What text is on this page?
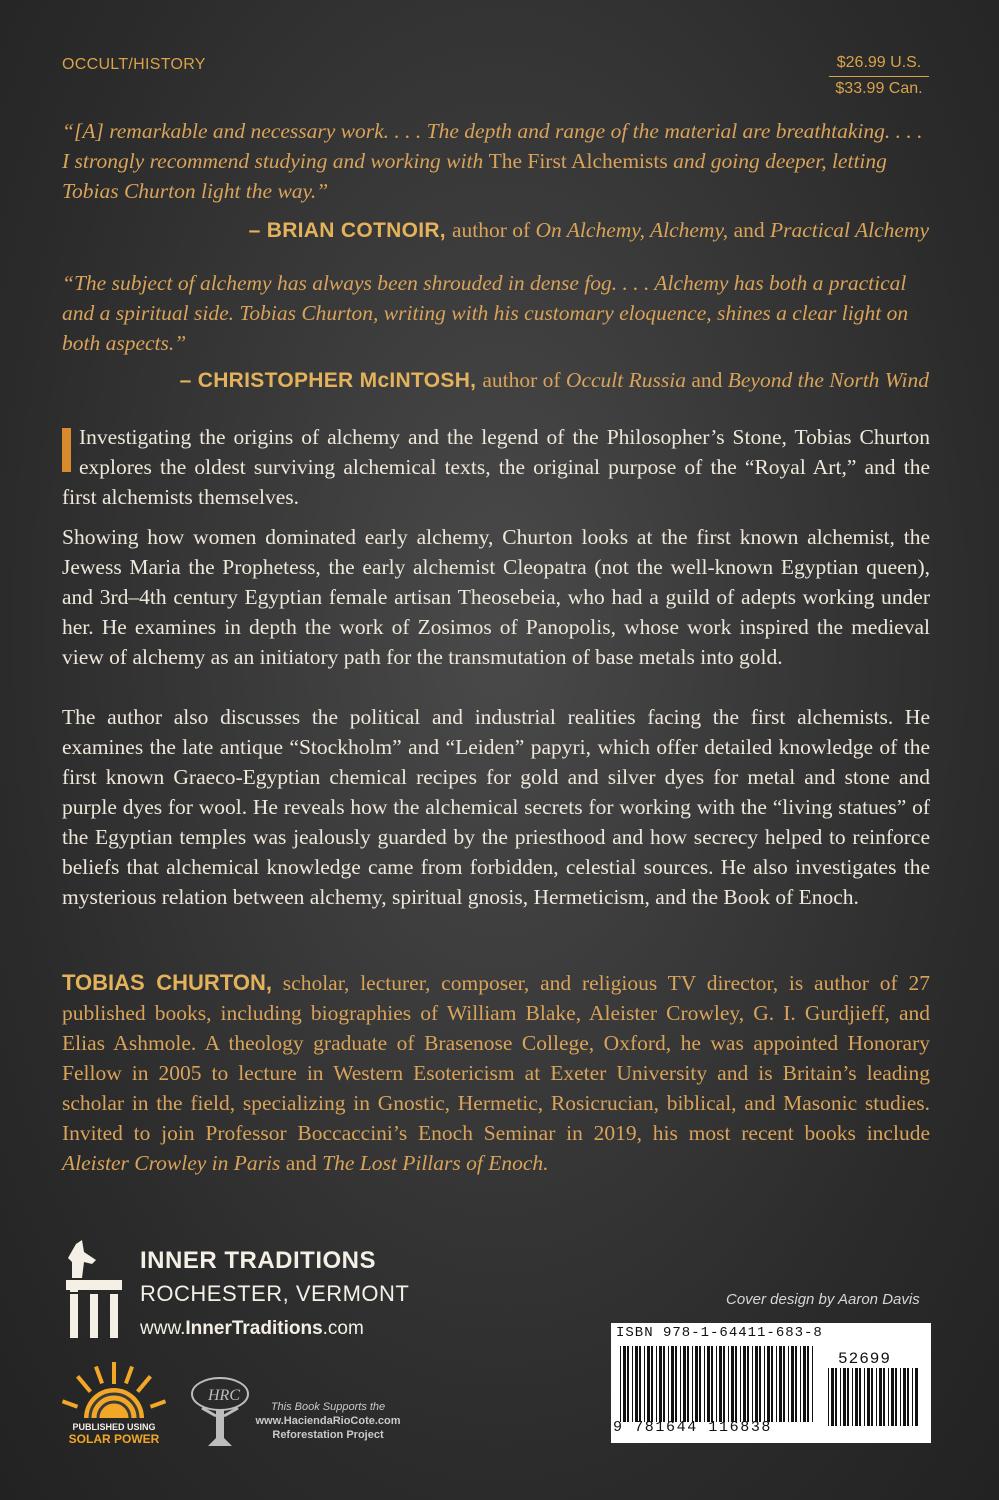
OCCULT/HISTORY	$26.99 U.S.
$33.99 Can.
“[A] remarkable and necessary work. . . . The depth and range of the material are breathtaking. . . . I strongly recommend studying and working with The First Alchemists and going deeper, letting Tobias Churton light the way.”
– BRIAN COTNOIR, author of On Alchemy, Alchemy, and Practical Alchemy
“The subject of alchemy has always been shrouded in dense fog. . . . Alchemy has both a practical and a spiritual side. Tobias Churton, writing with his customary eloquence, shines a clear light on both aspects.”
– CHRISTOPHER McINTOSH, author of Occult Russia and Beyond the North Wind
Investigating the origins of alchemy and the legend of the Philosopher’s Stone, Tobias Churton explores the oldest surviving alchemical texts, the original purpose of the “Royal Art,” and the first alchemists themselves.
Showing how women dominated early alchemy, Churton looks at the first known alchemist, the Jewess Maria the Prophetess, the early alchemist Cleopatra (not the well-known Egyptian queen), and 3rd–4th century Egyptian female artisan Theosebeia, who had a guild of adepts working under her. He examines in depth the work of Zosimos of Panopolis, whose work inspired the medieval view of alchemy as an initiatory path for the transmutation of base metals into gold.
The author also discusses the political and industrial realities facing the first alchemists. He examines the late antique “Stockholm” and “Leiden” papyri, which offer detailed knowledge of the first known Graeco-Egyptian chemical recipes for gold and silver dyes for metal and stone and purple dyes for wool. He reveals how the alchemical secrets for working with the “living statues” of the Egyptian temples was jealously guarded by the priesthood and how secrecy helped to reinforce beliefs that alchemical knowledge came from forbidden, celestial sources. He also investigates the mysterious relation between alchemy, spiritual gnosis, Hermeticism, and the Book of Enoch.
TOBIAS CHURTON, scholar, lecturer, composer, and religious TV director, is author of 27 published books, including biographies of William Blake, Aleister Crowley, G. I. Gurdjieff, and Elias Ashmole. A theology graduate of Brasenose College, Oxford, he was appointed Honorary Fellow in 2005 to lecture in Western Esotericism at Exeter University and is Britain’s leading scholar in the field, specializing in Gnostic, Hermetic, Rosicrucian, biblical, and Masonic studies. Invited to join Professor Boccaccini’s Enoch Seminar in 2019, his most recent books include Aleister Crowley in Paris and The Lost Pillars of Enoch.
INNER TRADITIONS
ROCHESTER, VERMONT
www.InnerTraditions.com
PUBLISHED USING
SOLAR POWER
HRC
This Book Supports the
www.HaciendaRioCote.com
Reforestation Project
Cover design by Aaron Davis
ISBN 978-1-64411-683-8
52699
9 781644 116838
